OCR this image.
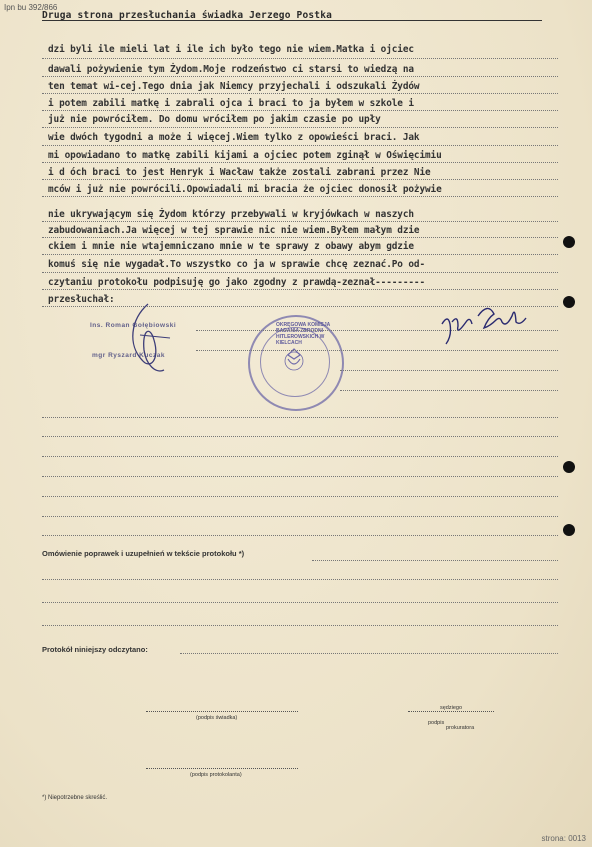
Ipn bu 392/866
Druga strona przesłuchania świadka Jerzego Postka
dzi byli ile mieli lat i ile ich było tego nie wiem.Matka i ojciec
dawali pożywienie tym Żydom.Moje rodzeństwo ci starsi to wiedzą na
ten temat wi-cej.Tego dnia jak Niemcy przyjechali i odszukali Żydów
i potem zabili matkę i zabrali ojca i braci to ja byłem w szkole i
już nie powróciłem. Do domu wróciłem po jakim czasie po upły
wie dwóch tygodni a może i więcej.Wiem tylko z opowieści braci. Jak
mi opowiadano to matkę zabili kijami a ojciec potem zginął w Oświęcimiu
i d óch braci to jest Henryk i Wacław także zostali zabrani przez Nie
mców i już nie powrócili.Opowiadali mi bracia że ojciec donosił pożywie
nie ukrywającym się Żydom którzy przebywali w kryjówkach w naszych
zabudowaniach.Ja więcej w tej sprawie nic nie wiem.Byłem małym dzie
ckiem i mnie nie wtajemniczano mnie w te sprawy z obawy abym gdzie
komuś się nie wygadał.To wszystko co ja w sprawie chcę zeznać.Po od-
czytaniu protokołu podpisuję go jako zgodny z prawdą-zeznał---------
przesłuchał:
Ins. Roman Gołębiowski
mgr Ryszard Kuczak
OKRĘGOWA KOMISJA BADANIA ZBRODNI HITLEROWSKICH W KIELCACH
Omówienie poprawek i uzupełnień w tekście protokołu *)
Protokół niniejszy odczytano:
(podpis świadka)
sędziego
podpis
prokuratora
(podpis protokolanta)
*) Niepotrzebne skreślić.
strona: 0013
